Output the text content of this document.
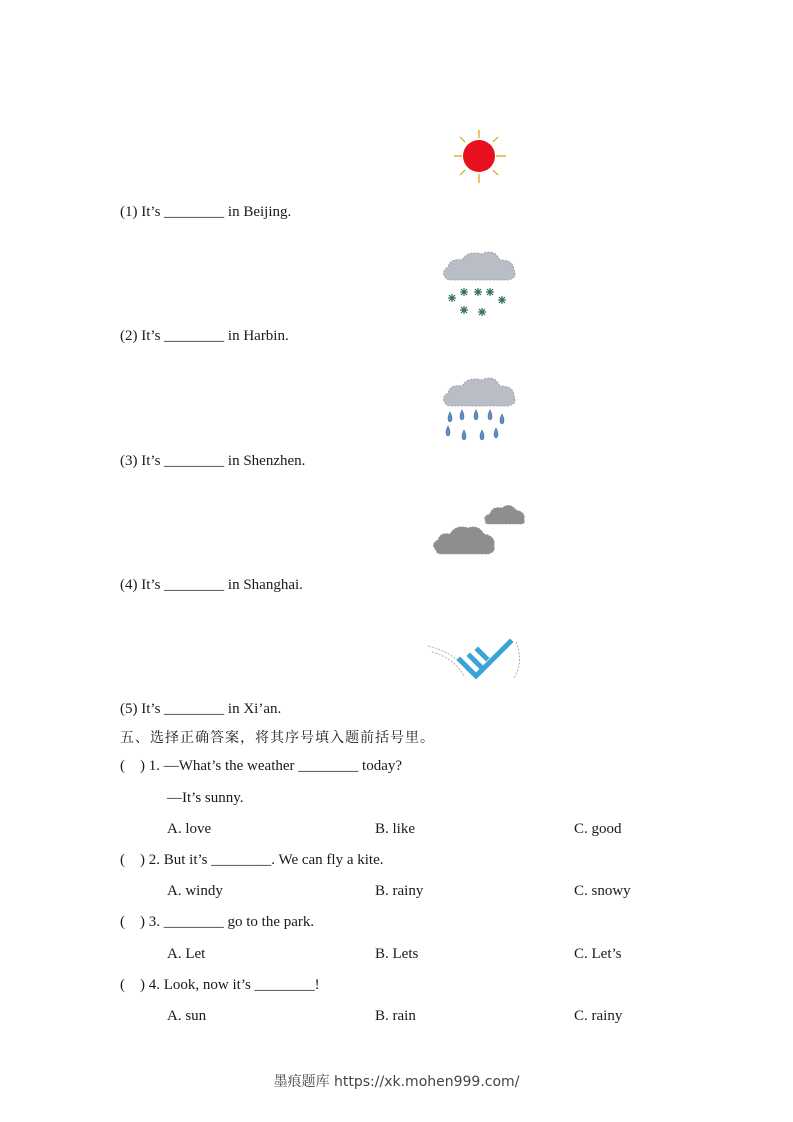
(1) It’s ________ in Beijing.
(2) It’s ________ in Harbin.
(3) It’s ________ in Shenzhen.
(4) It’s ________ in Shanghai.
(5) It’s ________ in Xi’an.
五、选择正确答案，将其序号填入题前括号里。
(    ) 1. —What’s the weather ________ today?
—It’s sunny.
A. love	B. like	C. good
(    ) 2. But it’s ________. We can fly a kite.
A. windy	B. rainy	C. snowy
(    ) 3. ________ go to the park.
A. Let	B. Lets	C. Let’s
(    ) 4. Look, now it’s ________!
A. sun	B. rain	C. rainy
墨痕题库 https://xk.mohen999.com/
